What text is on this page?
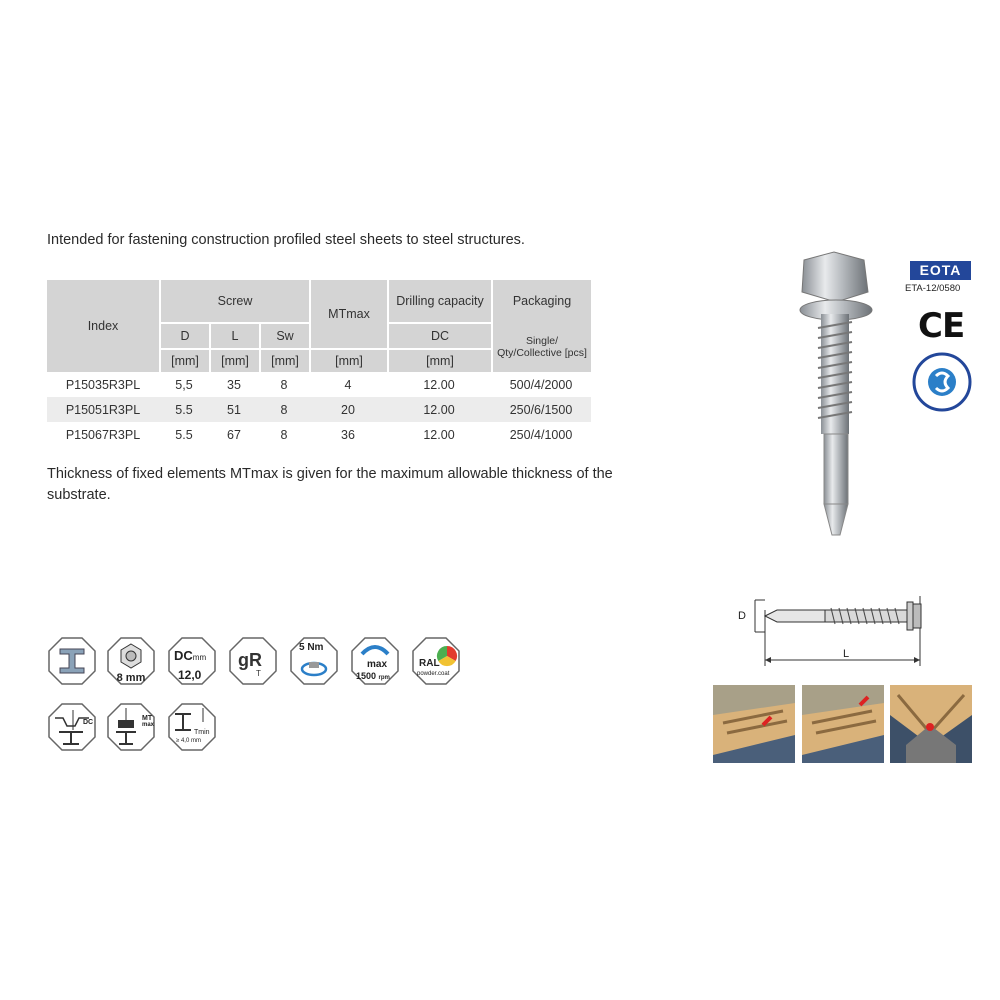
Intended for fastening construction profiled steel sheets to steel structures.
Index	Screw			MTmax	Drilling capacity	Packaging
	D	L	Sw		DC	Single/ Qty/Collective [pcs]
	[mm]	[mm]	[mm]	[mm]	[mm]	
P15035R3PL	5,5	35	8	4	12.00	500/4/2000
P15051R3PL	5.5	51	8	20	12.00	250/6/1500
P15067R3PL	5.5	67	8	36	12.00	250/4/1000
Thickness of fixed elements MTmax is given for the maximum allowable thickness of the substrate.
EOTA
ETA-12/0580
CE
D
L
8 mm
DCmm
12,0
gR
T
5 Nm
max
1500 rpm
RAL
powder.coat
DC
MT
max
Tmin
≥ 4,0 mm
